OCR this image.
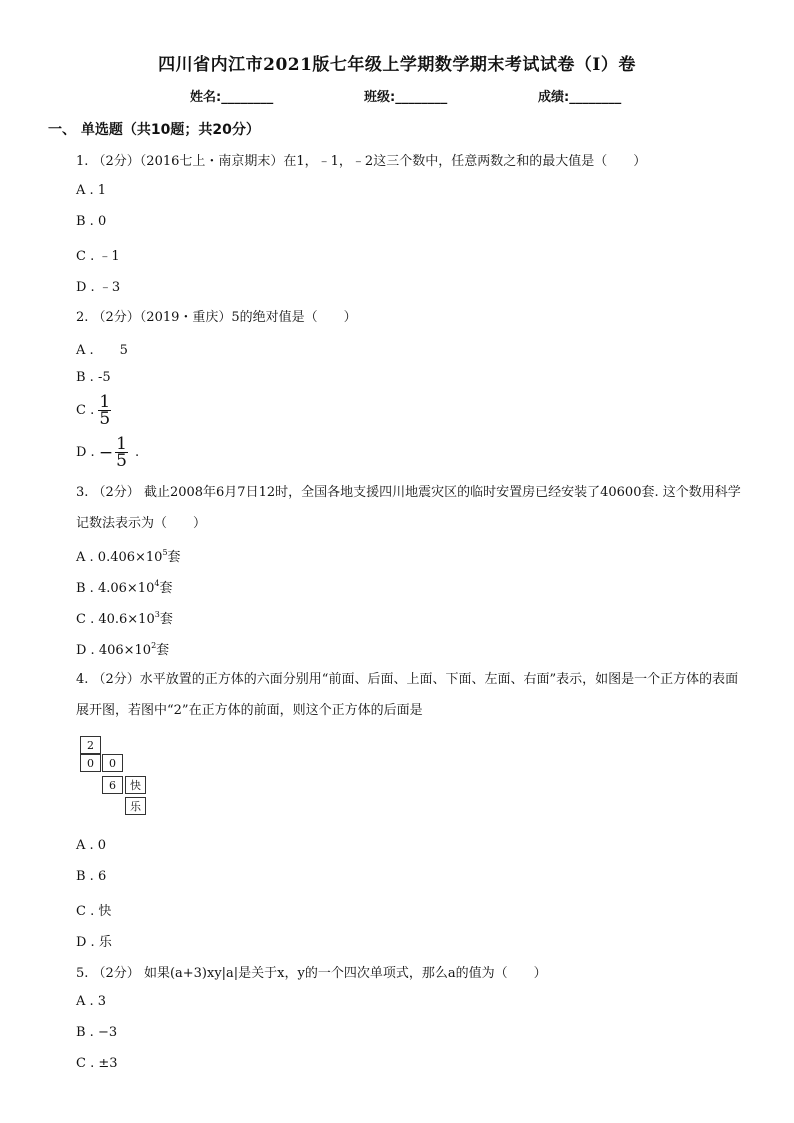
四川省内江市2021版七年级上学期数学期末考试试卷（I）卷
姓名:________	班级:________	成绩:________
一、 单选题（共10题；共20分）
1. （2分）（2016七上・南京期末）在1，﹣1，﹣2这三个数中，任意两数之和的最大值是（　　）
A . 1
B . 0
C . ﹣1
D . ﹣3
2. （2分）（2019・重庆）5的绝对值是（　　）
A .　　5
B . -5
C . $\frac{1}{5}$
D . − $\frac{1}{5}$ .
3. （2分） 截止2008年6月7日12时，全国各地支援四川地震灾区的临时安置房已经安装了40600套. 这个数用科学记数法表示为（　　）
A . $0.406\times 10^5$套
B . $4.06\times 10^4$套
C . $40.6\times 10^3$套
D . $406\times 10^2$套
4. （2分）水平放置的正方体的六面分别用“前面、后面、上面、下面、左面、右面”表示，如图是一个正方体的表面展开图，若图中“2”在正方体的前面，则这个正方体的后面是
2
0	0
6	快
乐
A . 0
B . 6
C . 快
D . 乐
5. （2分） 如果(a+3)xy|a|是关于x，y的一个四次单项式，那么a的值为（　　）
A . 3
B . −3
C . ±3
